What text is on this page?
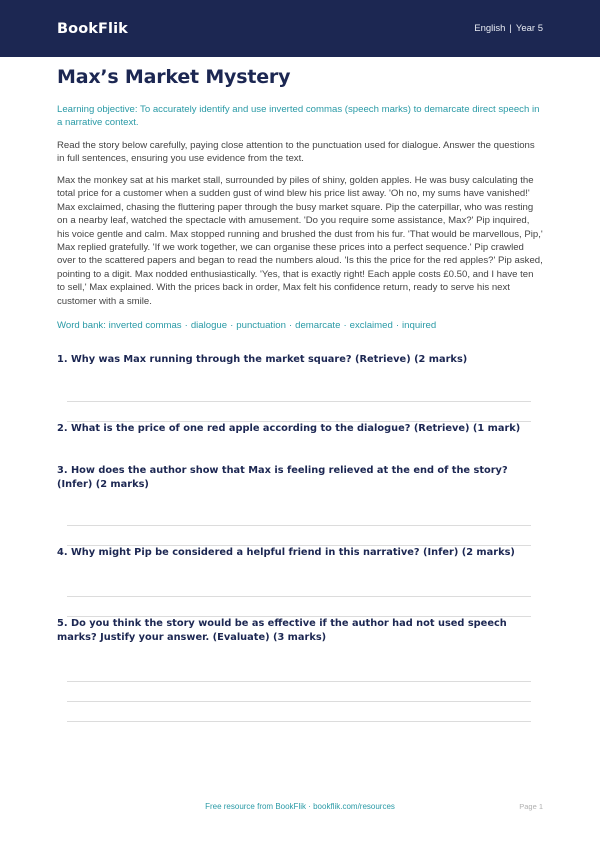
BookFlik	English | Year 5
Max’s Market Mystery

Learning objective: To accurately identify and use inverted commas (speech marks) to demarcate direct speech in a narrative context.

Read the story below carefully, paying close attention to the punctuation used for dialogue. Answer the questions in full sentences, ensuring you use evidence from the text.

Max the monkey sat at his market stall, surrounded by piles of shiny, golden apples. He was busy calculating the total price for a customer when a sudden gust of wind blew his price list away. 'Oh no, my sums have vanished!' Max exclaimed, chasing the fluttering paper through the busy market square. Pip the caterpillar, who was resting on a nearby leaf, watched the spectacle with amusement. 'Do you require some assistance, Max?' Pip inquired, his voice gentle and calm. Max stopped running and brushed the dust from his fur. 'That would be marvellous, Pip,' Max replied gratefully. 'If we work together, we can organise these prices into a perfect sequence.' Pip crawled over to the scattered papers and began to read the numbers aloud. 'Is this the price for the red apples?' Pip asked, pointing to a digit. Max nodded enthusiastically. 'Yes, that is exactly right! Each apple costs £0.50, and I have ten to sell,' Max explained. With the prices back in order, Max felt his confidence return, ready to serve his next customer with a smile.

Word bank: inverted commas · dialogue · punctuation · demarcate · exclaimed · inquired

1. Why was Max running through the market square? (Retrieve) (2 marks)

2. What is the price of one red apple according to the dialogue? (Retrieve) (1 mark)

3. How does the author show that Max is feeling relieved at the end of the story? (Infer) (2 marks)

4. Why might Pip be considered a helpful friend in this narrative? (Infer) (2 marks)

5. Do you think the story would be as effective if the author had not used speech marks? Justify your answer. (Evaluate) (3 marks)

Free resource from BookFlik · bookflik.com/resources	Page 1
